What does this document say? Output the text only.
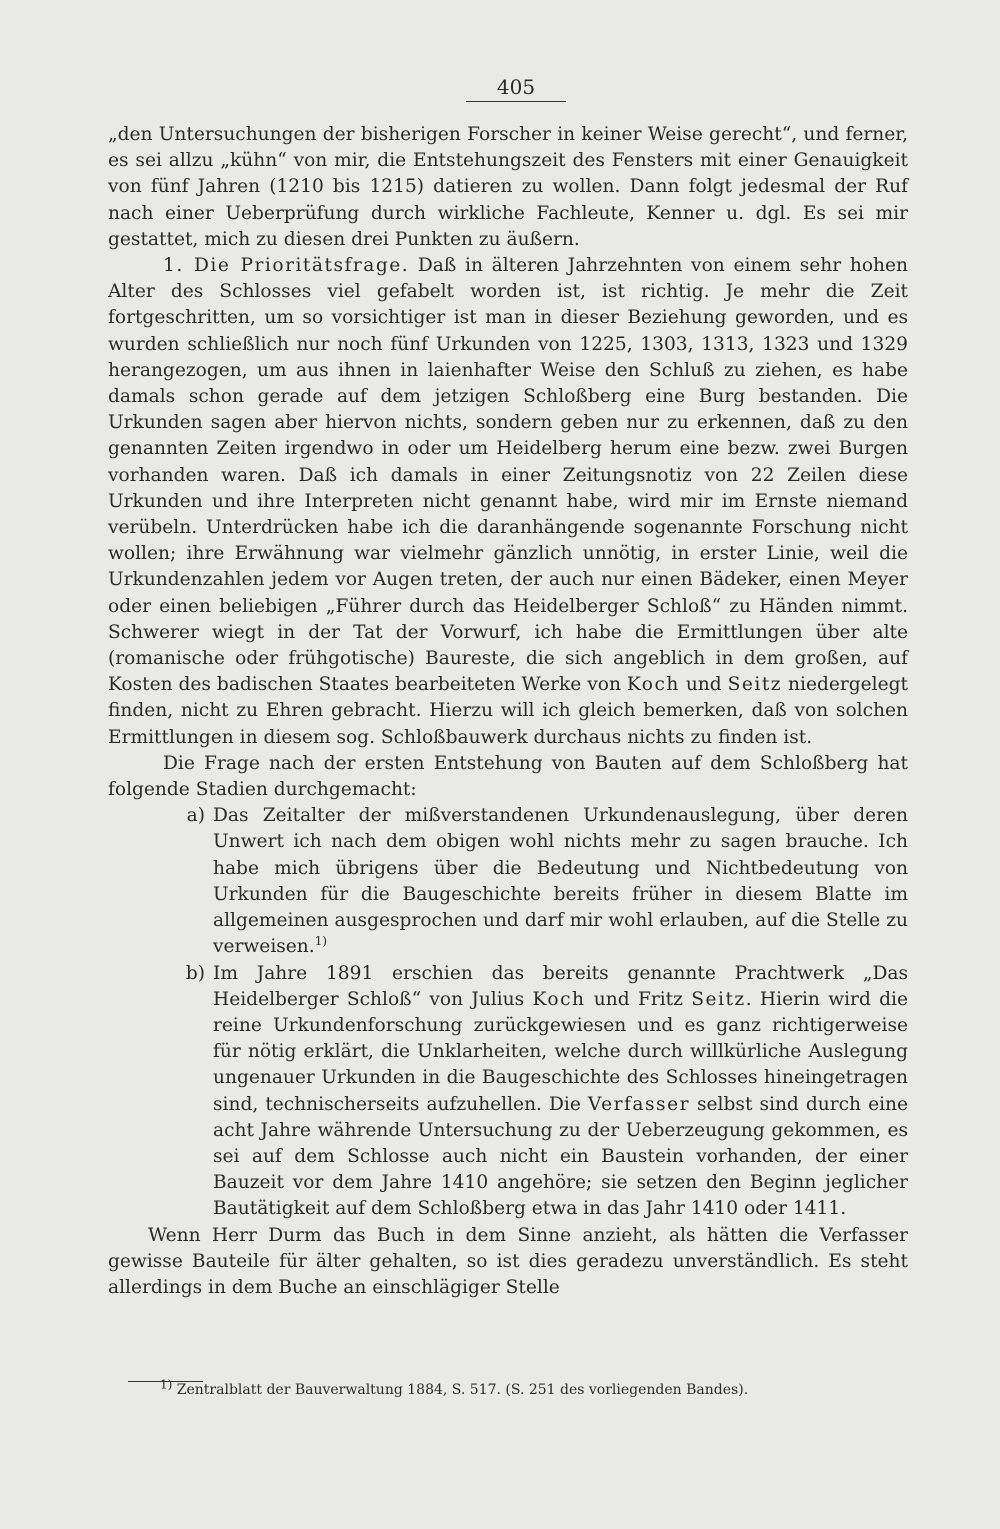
405

„den Untersuchungen der bisherigen Forscher in keiner Weise gerecht“, und ferner, es sei allzu „kühn“ von mir, die Entstehungszeit des Fensters mit einer Genauigkeit von fünf Jahren (1210 bis 1215) datieren zu wollen. Dann folgt jedesmal der Ruf nach einer Ueberprüfung durch wirkliche Fachleute, Kenner u. dgl. Es sei mir gestattet, mich zu diesen drei Punkten zu äußern.

1. Die Prioritätsfrage. Daß in älteren Jahrzehnten von einem sehr hohen Alter des Schlosses viel gefabelt worden ist, ist richtig. Je mehr die Zeit fortgeschritten, um so vorsichtiger ist man in dieser Beziehung geworden, und es wurden schließlich nur noch fünf Urkunden von 1225, 1303, 1313, 1323 und 1329 herangezogen, um aus ihnen in laienhafter Weise den Schluß zu ziehen, es habe damals schon gerade auf dem jetzigen Schloßberg eine Burg bestanden. Die Urkunden sagen aber hiervon nichts, sondern geben nur zu erkennen, daß zu den genannten Zeiten irgendwo in oder um Heidelberg herum eine bezw. zwei Burgen vorhanden waren. Daß ich damals in einer Zeitungsnotiz von 22 Zeilen diese Urkunden und ihre Interpreten nicht genannt habe, wird mir im Ernste niemand verübeln. Unterdrücken habe ich die daranhängende sogenannte Forschung nicht wollen; ihre Erwähnung war vielmehr gänzlich unnötig, in erster Linie, weil die Urkundenzahlen jedem vor Augen treten, der auch nur einen Bädeker, einen Meyer oder einen beliebigen „Führer durch das Heidelberger Schloß“ zu Händen nimmt. Schwerer wiegt in der Tat der Vorwurf, ich habe die Ermittlungen über alte (romanische oder frühgotische) Baureste, die sich angeblich in dem großen, auf Kosten des badischen Staates bearbeiteten Werke von Koch und Seitz niedergelegt finden, nicht zu Ehren gebracht. Hierzu will ich gleich bemerken, daß von solchen Ermittlungen in diesem sog. Schloßbauwerk durchaus nichts zu finden ist.

Die Frage nach der ersten Entstehung von Bauten auf dem Schloßberg hat folgende Stadien durchgemacht:

a) Das Zeitalter der mißverstandenen Urkundenauslegung, über deren Unwert ich nach dem obigen wohl nichts mehr zu sagen brauche. Ich habe mich übrigens über die Bedeutung und Nichtbedeutung von Urkunden für die Baugeschichte bereits früher in diesem Blatte im allgemeinen ausgesprochen und darf mir wohl erlauben, auf die Stelle zu verweisen.$^{1)}$
b) Im Jahre 1891 erschien das bereits genannte Prachtwerk „Das Heidelberger Schloß“ von Julius Koch und Fritz Seitz. Hierin wird die reine Urkundenforschung zurückgewiesen und es ganz richtigerweise für nötig erklärt, die Unklarheiten, welche durch willkürliche Auslegung ungenauer Urkunden in die Baugeschichte des Schlosses hineingetragen sind, technischerseits aufzuhellen. Die Verfasser selbst sind durch eine acht Jahre währende Untersuchung zu der Ueberzeugung gekommen, es sei auf dem Schlosse auch nicht ein Baustein vorhanden, der einer Bauzeit vor dem Jahre 1410 angehöre; sie setzen den Beginn jeglicher Bautätigkeit auf dem Schloßberg etwa in das Jahr 1410 oder 1411.

Wenn Herr Durm das Buch in dem Sinne anzieht, als hätten die Verfasser gewisse Bauteile für älter gehalten, so ist dies geradezu unverständlich. Es steht allerdings in dem Buche an einschlägiger Stelle

$^{1)}$ Zentralblatt der Bauverwaltung 1884, S. 517. (S. 251 des vorliegenden Bandes).
